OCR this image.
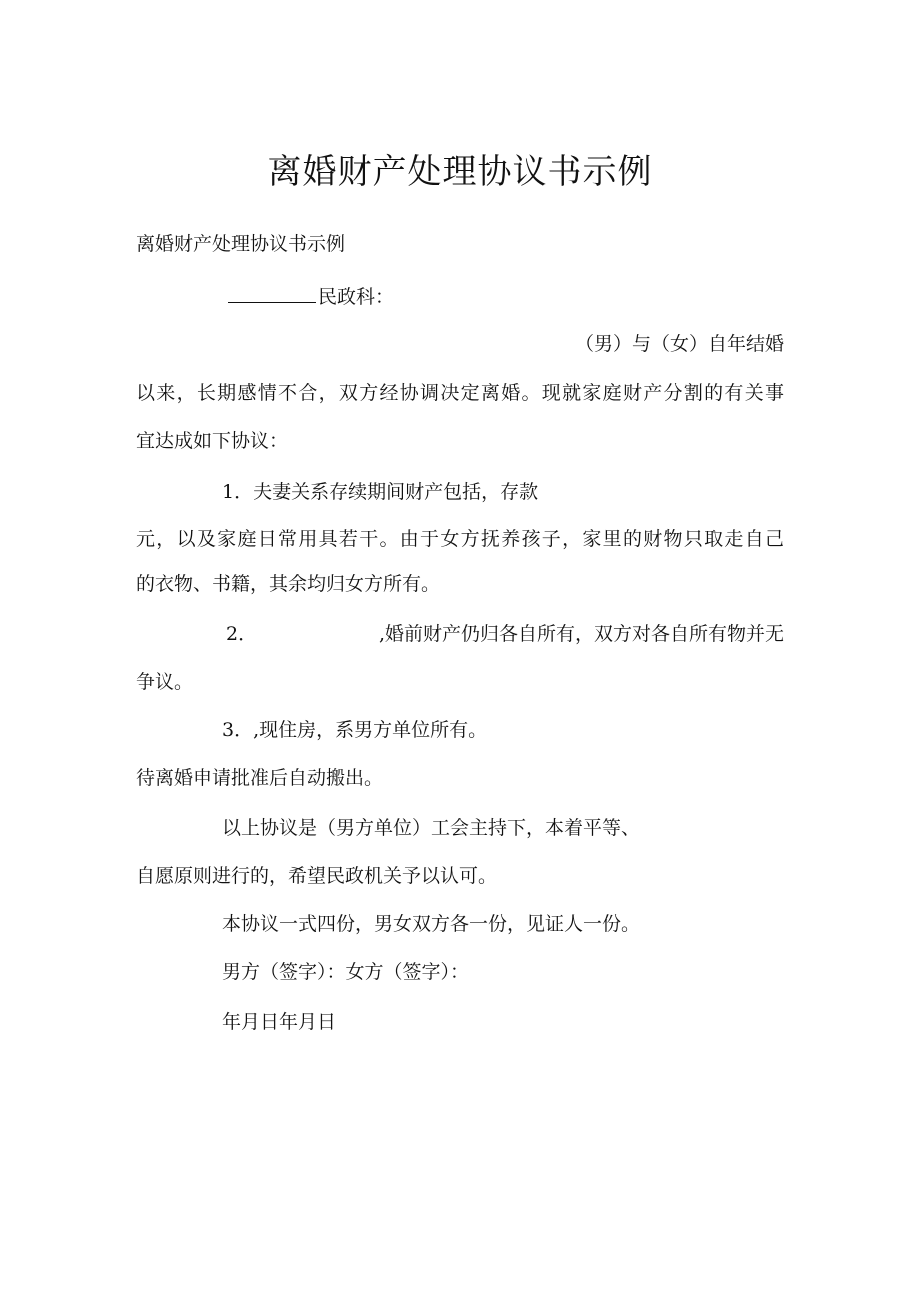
离婚财产处理协议书示例
离婚财产处理协议书示例
民政科：
（男）与（女）自年结婚
以来，长期感情不合，双方经协调决定离婚。现就家庭财产分割的有关事
宜达成如下协议：
1．夫妻关系存续期间财产包括，存款
元，以及家庭日常用具若干。由于女方抚养孩子，家里的财物只取走自己
的衣物、书籍，其余均归女方所有。
2．	,婚前财产仍归各自所有，双方对各自所有物并无
争议。
3．,现住房，系男方单位所有。
待离婚申请批准后自动搬出。
以上协议是（男方单位）工会主持下，本着平等、
自愿原则进行的，希望民政机关予以认可。
本协议一式四份，男女双方各一份，见证人一份。
男方（签字）：女方（签字）：
年月日年月日
